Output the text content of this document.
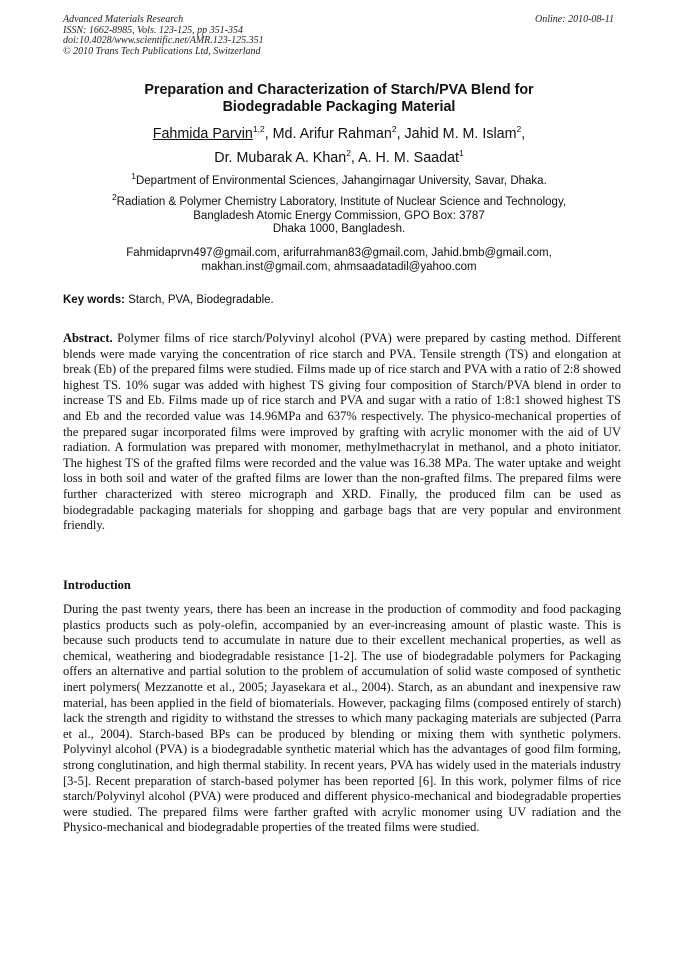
Advanced Materials Research
ISSN: 1662-8985, Vols. 123-125, pp 351-354
doi:10.4028/www.scientific.net/AMR.123-125.351
© 2010 Trans Tech Publications Ltd, Switzerland
Online: 2010-08-11
Preparation and Characterization of Starch/PVA Blend for
Biodegradable Packaging Material
Fahmida Parvin$^{1,2}$, Md. Arifur Rahman$^2$, Jahid M. M. Islam$^2$,
Dr. Mubarak A. Khan$^2$, A. H. M. Saadat$^1$
$^1$Department of Environmental Sciences, Jahangirnagar University, Savar, Dhaka.
$^2$Radiation & Polymer Chemistry Laboratory, Institute of Nuclear Science and Technology,
Bangladesh Atomic Energy Commission, GPO Box: 3787
Dhaka 1000, Bangladesh.
Fahmidaprvn497@gmail.com, arifurrahman83@gmail.com, Jahid.bmb@gmail.com,
makhan.inst@gmail.com, ahmsaadatadil@yahoo.com
Key words: Starch, PVA, Biodegradable.
Abstract. Polymer films of rice starch/Polyvinyl alcohol (PVA) were prepared by casting method. Different blends were made varying the concentration of rice starch and PVA. Tensile strength (TS) and elongation at break (Eb) of the prepared films were studied. Films made up of rice starch and PVA with a ratio of 2:8 showed highest TS. 10% sugar was added with highest TS giving four composition of Starch/PVA blend in order to increase TS and Eb. Films made up of rice starch and PVA and sugar with a ratio of 1:8:1 showed highest TS and Eb and the recorded value was 14.96MPa and 637% respectively. The physico-mechanical properties of the prepared sugar incorporated films were improved by grafting with acrylic monomer with the aid of UV radiation. A formulation was prepared with monomer, methylmethacrylat in methanol, and a photo initiator. The highest TS of the grafted films were recorded and the value was 16.38 MPa. The water uptake and weight loss in both soil and water of the grafted films are lower than the non-grafted films. The prepared films were further characterized with stereo micrograph and XRD. Finally, the produced film can be used as biodegradable packaging materials for shopping and garbage bags that are very popular and environment friendly.
Introduction
During the past twenty years, there has been an increase in the production of commodity and food packaging plastics products such as poly-olefin, accompanied by an ever-increasing amount of plastic waste. This is because such products tend to accumulate in nature due to their excellent mechanical properties, as well as chemical, weathering and biodegradable resistance [1-2]. The use of biodegradable polymers for Packaging offers an alternative and partial solution to the problem of accumulation of solid waste composed of synthetic inert polymers( Mezzanotte et al., 2005; Jayasekara et al., 2004). Starch, as an abundant and inexpensive raw material, has been applied in the field of biomaterials. However, packaging films (composed entirely of starch) lack the strength and rigidity to withstand the stresses to which many packaging materials are subjected (Parra et al., 2004). Starch-based BPs can be produced by blending or mixing them with synthetic polymers. Polyvinyl alcohol (PVA) is a biodegradable synthetic material which has the advantages of good film forming, strong conglutination, and high thermal stability. In recent years, PVA has widely used in the materials industry [3-5]. Recent preparation of starch-based polymer has been reported [6]. In this work, polymer films of rice starch/Polyvinyl alcohol (PVA) were produced and different physico-mechanical and biodegradable properties were studied. The prepared films were farther grafted with acrylic monomer using UV radiation and the Physico-mechanical and biodegradable properties of the treated films were studied.
